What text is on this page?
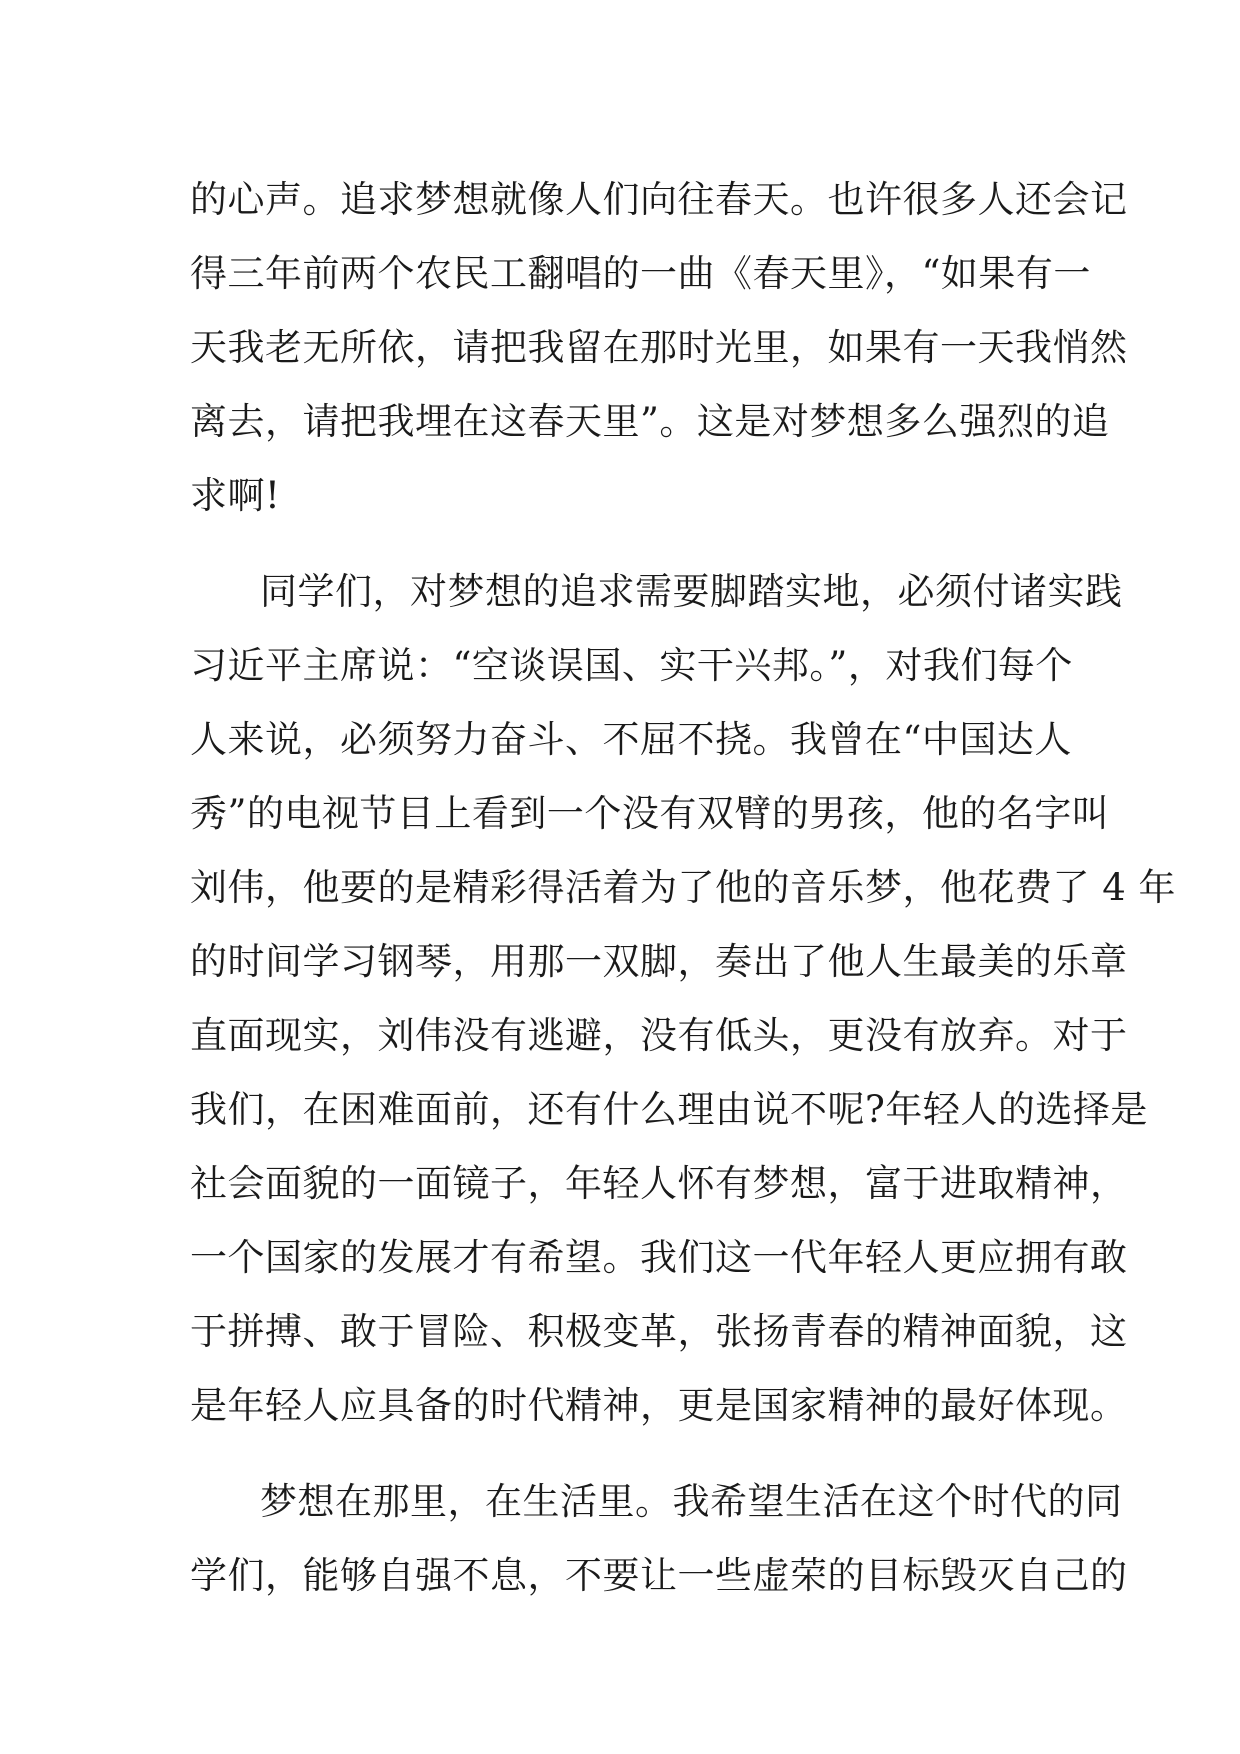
的心声。追求梦想就像人们向往春天。也许很多人还会记
得三年前两个农民工翻唱的一曲《春天里》，“如果有一
天我老无所依，请把我留在那时光里，如果有一天我悄然
离去，请把我埋在这春天里”。这是对梦想多么强烈的追
求啊!
同学们，对梦想的追求需要脚踏实地，必须付诸实践
习近平主席说：“空谈误国、实干兴邦。”，对我们每个
人来说，必须努力奋斗、不屈不挠。我曾在“中国达人
秀”的电视节目上看到一个没有双臂的男孩，他的名字叫
刘伟，他要的是精彩得活着为了他的音乐梦，他花费了 4 年
的时间学习钢琴，用那一双脚，奏出了他人生最美的乐章
直面现实，刘伟没有逃避，没有低头，更没有放弃。对于
我们，在困难面前，还有什么理由说不呢?年轻人的选择是
社会面貌的一面镜子，年轻人怀有梦想，富于进取精神，
一个国家的发展才有希望。我们这一代年轻人更应拥有敢
于拼搏、敢于冒险、积极变革，张扬青春的精神面貌，这
是年轻人应具备的时代精神，更是国家精神的最好体现。
梦想在那里，在生活里。我希望生活在这个时代的同
学们，能够自强不息，不要让一些虚荣的目标毁灭自己的
